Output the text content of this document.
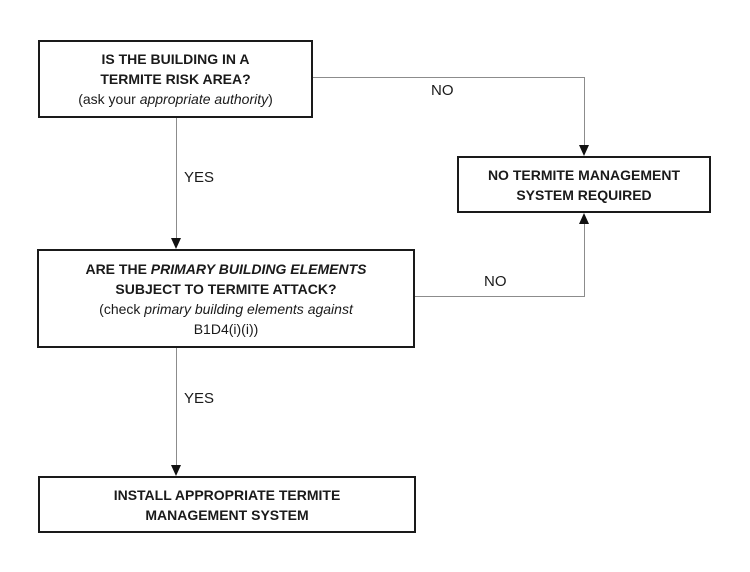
NO
YES
NO
YES
IS THE BUILDING IN A
TERMITE RISK AREA?
(ask your appropriate authority)
NO TERMITE MANAGEMENT
SYSTEM REQUIRED
ARE THE PRIMARY BUILDING ELEMENTS
SUBJECT TO TERMITE ATTACK?
(check primary building elements against
B1D4(i)(i))
INSTALL APPROPRIATE TERMITE
MANAGEMENT SYSTEM
